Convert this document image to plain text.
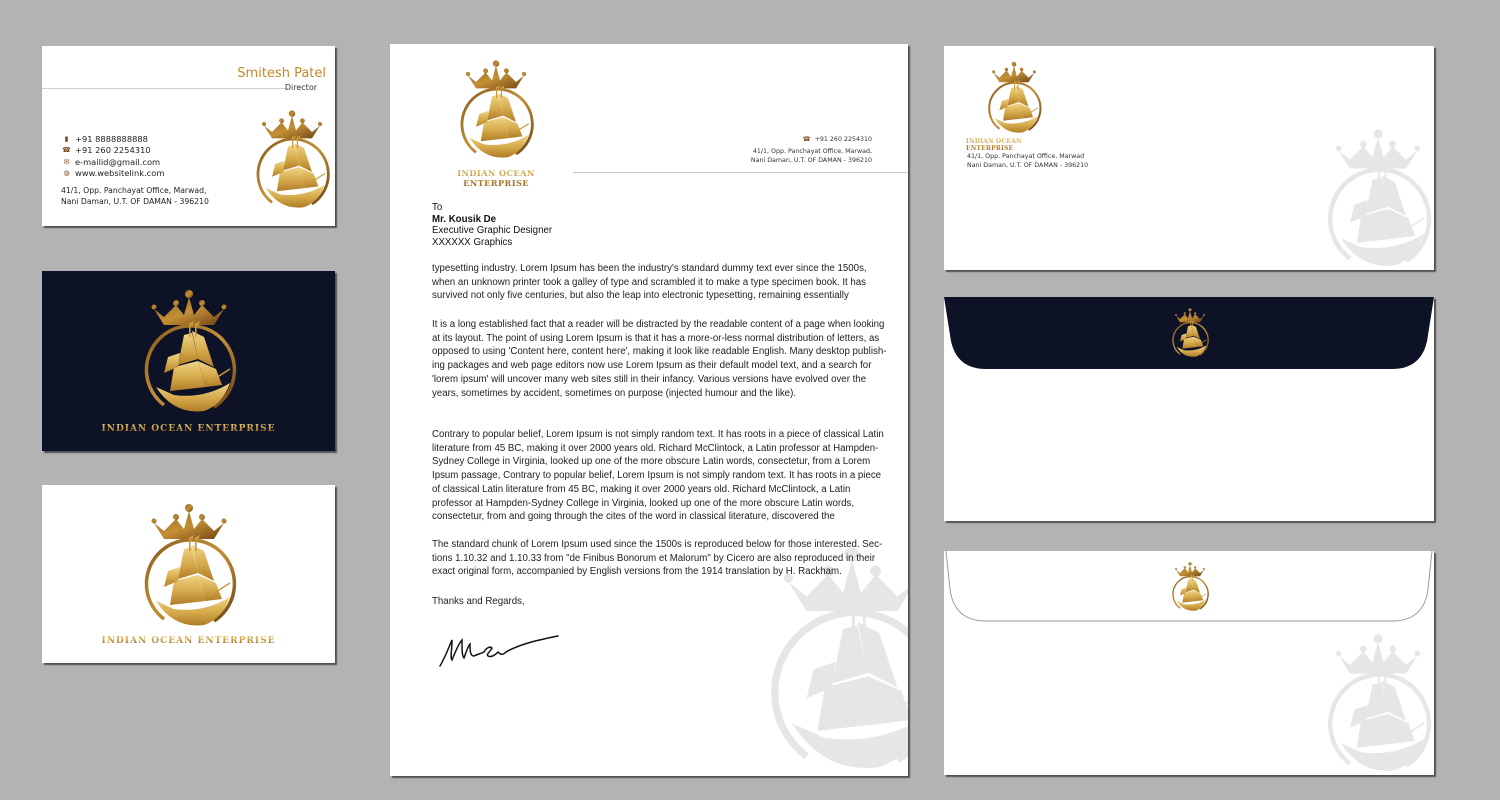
Smitesh Patel
Director
▮ +91 8888888888
☎ +91 260 2254310
✉ e-mailid@gmail.com
◍ www.websitelink.com
41/1, Opp. Panchayat Office, Marwad,
Nani Daman, U.T. OF DAMAN - 396210
INDIAN OCEAN ENTERPRISE
INDIAN OCEAN ENTERPRISE
INDIAN OCEAN ENTERPRISE
☎ +91 260 2254310
41/1, Opp. Panchayat Office, Marwad,
Nani Daman, U.T. OF DAMAN - 396210
To
Mr. Kousik De
Executive Graphic Designer
XXXXXX Graphics

typesetting industry. Lorem Ipsum has been the industry's standard dummy text ever since the 1500s, when an unknown printer took a galley of type and scrambled it to make a type specimen book. It has survived not only five centuries, but also the leap into electronic typesetting, remaining essentially

It is a long established fact that a reader will be distracted by the readable content of a page when looking at its layout. The point of using Lorem Ipsum is that it has a more-or-less normal distribution of letters, as opposed to using 'Content here, content here', making it look like readable English. Many desktop publish-ing packages and web page editors now use Lorem Ipsum as their default model text, and a search for 'lorem ipsum' will uncover many web sites still in their infancy. Various versions have evolved over the years, sometimes by accident, sometimes on purpose (injected humour and the like).

Contrary to popular belief, Lorem Ipsum is not simply random text. It has roots in a piece of classical Latin literature from 45 BC, making it over 2000 years old. Richard McClintock, a Latin professor at Hampden-Sydney College in Virginia, looked up one of the more obscure Latin words, consectetur, from a Lorem Ipsum passage, Contrary to popular belief, Lorem Ipsum is not simply random text. It has roots in a piece of classical Latin literature from 45 BC, making it over 2000 years old. Richard McClintock, a Latin professor at Hampden-Sydney College in Virginia, looked up one of the more obscure Latin words, consectetur, from and going through the cites of the word in classical literature, discovered the

The standard chunk of Lorem Ipsum used since the 1500s is reproduced below for those interested. Sec-tions 1.10.32 and 1.10.33 from "de Finibus Bonorum et Malorum" by Cicero are also reproduced in their exact original form, accompanied by English versions from the 1914 translation by H. Rackham.

Thanks and Regards,
INDIAN OCEAN ENTERPRISE
41/1, Opp. Panchayat Office, Marwad
Nani Daman, U.T. OF DAMAN - 396210
